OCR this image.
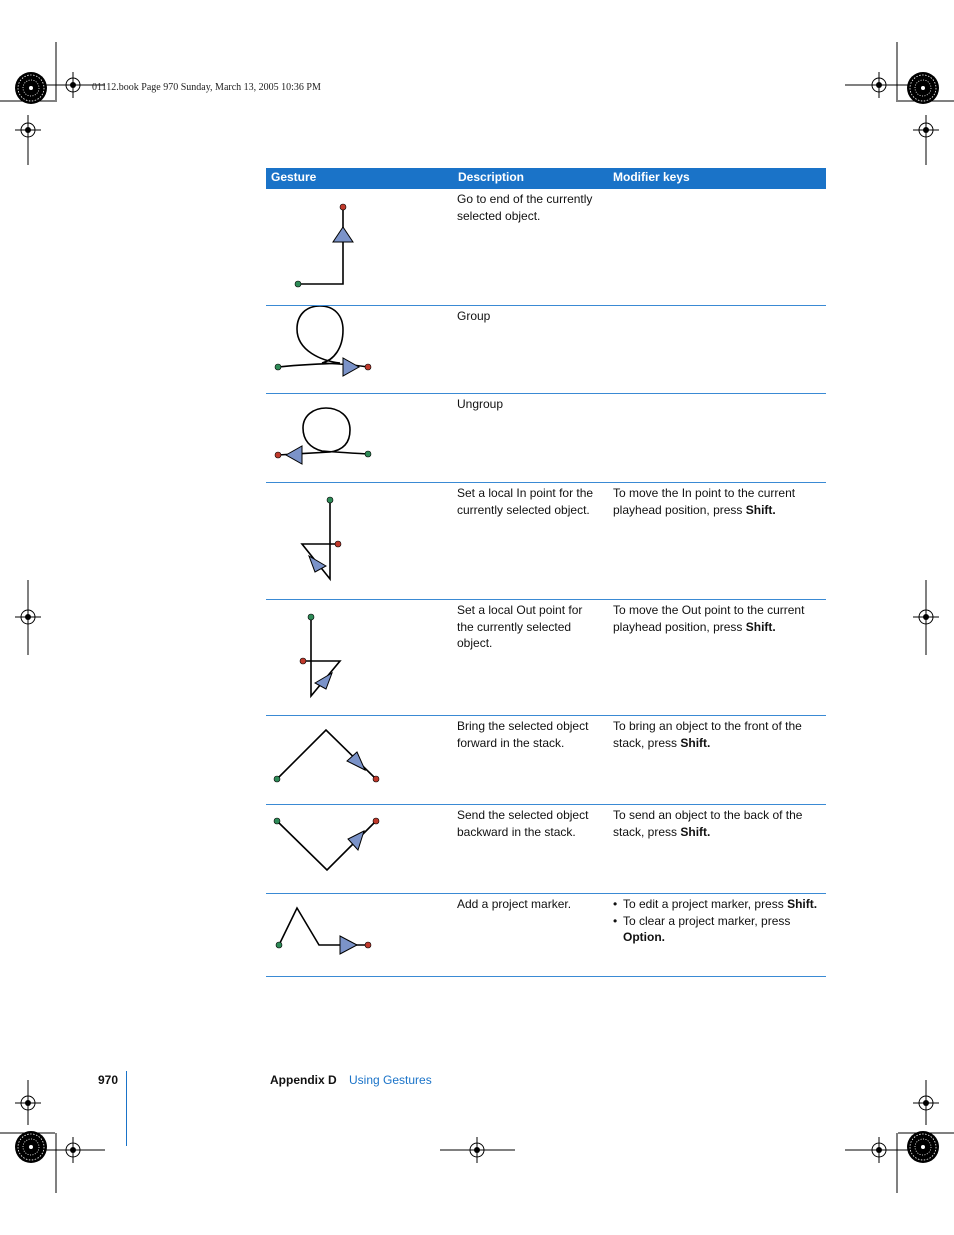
01112.book Page 970 Sunday, March 13, 2005 10:36 PM
Gesture	Description	Modifier keys
Go to end of the currently selected object.
Group
Ungroup
Set a local In point for the currently selected object.
To move the In point to the current playhead position, press Shift.
Set a local Out point for the currently selected object.
To move the Out point to the current playhead position, press Shift.
Bring the selected object forward in the stack.
To bring an object to the front of the stack, press Shift.
Send the selected object backward in the stack.
To send an object to the back of the stack, press Shift.
Add a project marker.
•	To edit a project marker, press Shift.
• To clear a project marker, press Option.
970	Appendix D Using Gestures
